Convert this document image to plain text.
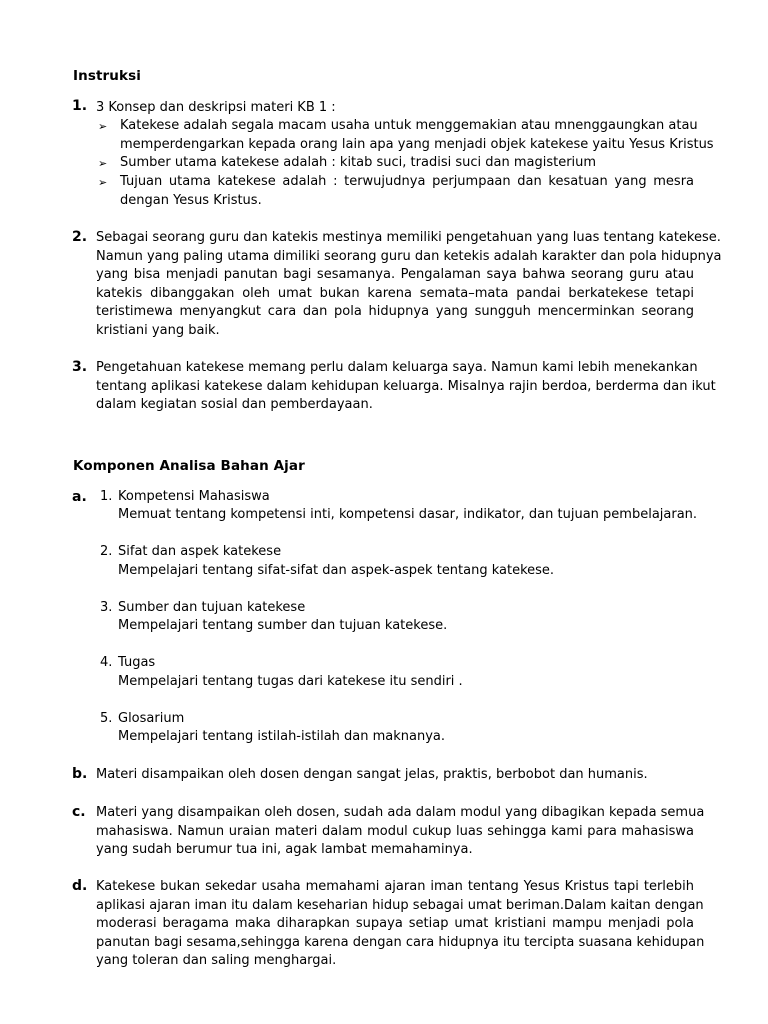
Instruksi
1. 3 Konsep dan deskripsi materi KB 1 :
➢ Katekese adalah segala macam usaha untuk menggemakian atau mnenggaungkan atau
memperdengarkan kepada orang lain apa yang menjadi objek katekese yaitu Yesus Kristus
➢ Sumber utama katekese adalah : kitab suci, tradisi suci dan magisterium
➢ Tujuan utama katekese adalah : terwujudnya perjumpaan dan kesatuan yang mesra
dengan Yesus Kristus.
2. Sebagai seorang guru dan katekis mestinya memiliki pengetahuan yang luas tentang katekese.
Namun yang paling utama dimiliki seorang guru dan ketekis adalah karakter dan pola hidupnya
yang bisa menjadi panutan bagi sesamanya. Pengalaman saya bahwa seorang guru atau
katekis dibanggakan oleh umat bukan karena semata–mata pandai berkatekese tetapi
teristimewa menyangkut cara dan pola hidupnya yang sungguh mencerminkan seorang
kristiani yang baik.
3. Pengetahuan katekese memang perlu dalam keluarga saya. Namun kami lebih menekankan
tentang aplikasi katekese dalam kehidupan keluarga. Misalnya rajin berdoa, berderma dan ikut
dalam kegiatan sosial dan pemberdayaan.
Komponen Analisa Bahan Ajar
a. 1. Kompetensi Mahasiswa
Memuat tentang kompetensi inti, kompetensi dasar, indikator, dan tujuan pembelajaran.
2. Sifat dan aspek katekese
Mempelajari tentang sifat-sifat dan aspek-aspek tentang katekese.
3. Sumber dan tujuan katekese
Mempelajari tentang sumber dan tujuan katekese.
4. Tugas
Mempelajari tentang tugas dari katekese itu sendiri .
5. Glosarium
Mempelajari tentang istilah-istilah dan maknanya.
b. Materi disampaikan oleh dosen dengan sangat jelas, praktis, berbobot dan humanis.
c. Materi yang disampaikan oleh dosen, sudah ada dalam modul yang dibagikan kepada semua
mahasiswa. Namun uraian materi dalam modul cukup luas sehingga kami para mahasiswa
yang sudah berumur tua ini, agak lambat memahaminya.
d. Katekese bukan sekedar usaha memahami ajaran iman tentang Yesus Kristus tapi terlebih
aplikasi ajaran iman itu dalam keseharian hidup sebagai umat beriman.Dalam kaitan dengan
moderasi beragama maka diharapkan supaya setiap umat kristiani mampu menjadi pola
panutan bagi sesama,sehingga karena dengan cara hidupnya itu tercipta suasana kehidupan
yang toleran dan saling menghargai.
